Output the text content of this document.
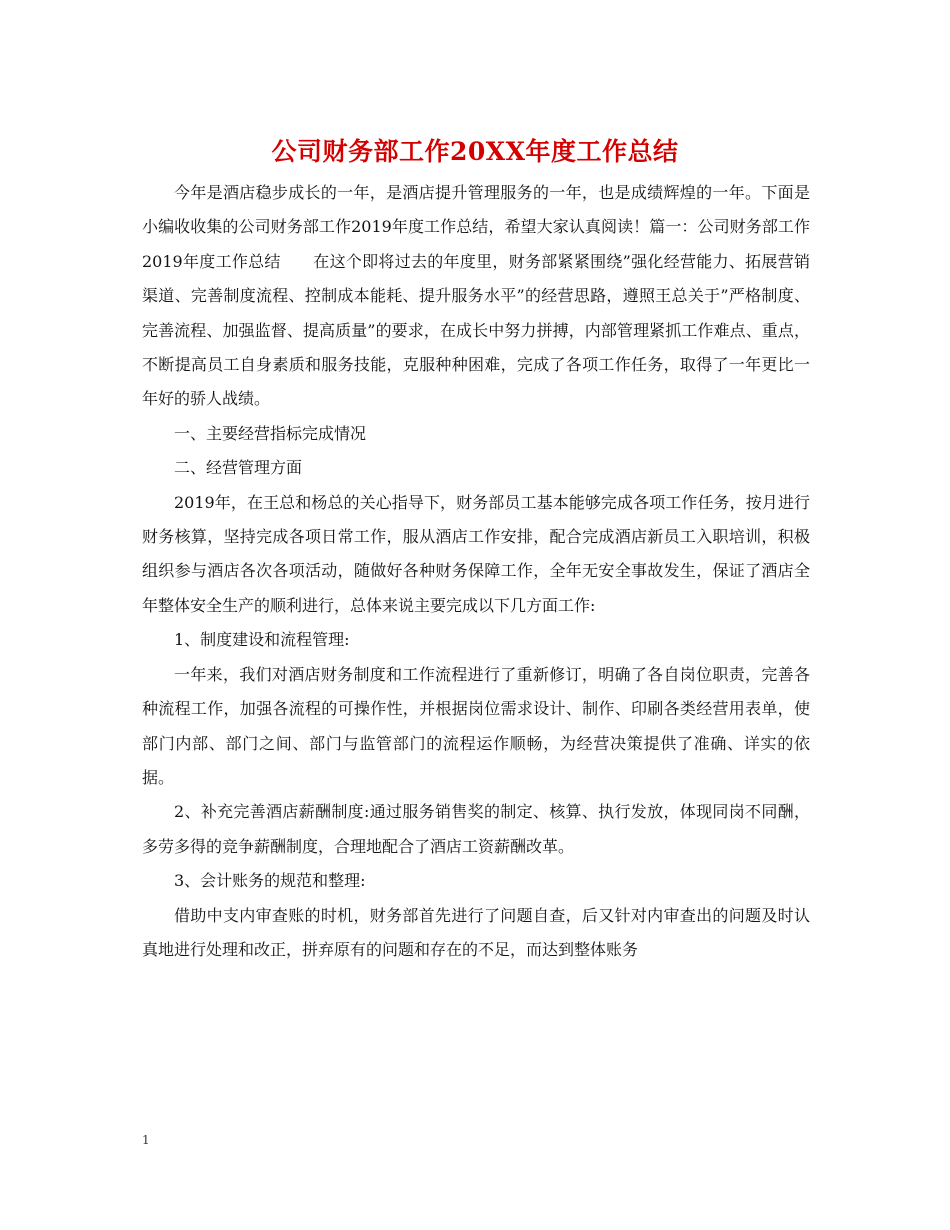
公司财务部工作20XX年度工作总结

今年是酒店稳步成长的一年，是酒店提升管理服务的一年，也是成绩辉煌的一年。下面是小编收收集的公司财务部工作2019年度工作总结，希望大家认真阅读！篇一：公司财务部工作2019年度工作总结　　在这个即将过去的年度里，财务部紧紧围绕”强化经营能力、拓展营销渠道、完善制度流程、控制成本能耗、提升服务水平”的经营思路，遵照王总关于”严格制度、完善流程、加强监督、提高质量”的要求，在成长中努力拼搏，内部管理紧抓工作难点、重点，不断提高员工自身素质和服务技能，克服种种困难，完成了各项工作任务，取得了一年更比一年好的骄人战绩。

一、主要经营指标完成情况

二、经营管理方面

2019年，在王总和杨总的关心指导下，财务部员工基本能够完成各项工作任务，按月进行财务核算，坚持完成各项日常工作，服从酒店工作安排，配合完成酒店新员工入职培训，积极组织参与酒店各次各项活动，随做好各种财务保障工作，全年无安全事故发生，保证了酒店全年整体安全生产的顺利进行，总体来说主要完成以下几方面工作:

1、制度建设和流程管理:

一年来，我们对酒店财务制度和工作流程进行了重新修订，明确了各自岗位职责，完善各种流程工作，加强各流程的可操作性，并根据岗位需求设计、制作、印刷各类经营用表单，使部门内部、部门之间、部门与监管部门的流程运作顺畅，为经营决策提供了准确、详实的依据。

2、补充完善酒店薪酬制度:通过服务销售奖的制定、核算、执行发放，体现同岗不同酬，多劳多得的竞争薪酬制度，合理地配合了酒店工资薪酬改革。

3、会计账务的规范和整理:

借助中支内审查账的时机，财务部首先进行了问题自查，后又针对内审查出的问题及时认真地进行处理和改正，拼弃原有的问题和存在的不足，而达到整体账务

1
